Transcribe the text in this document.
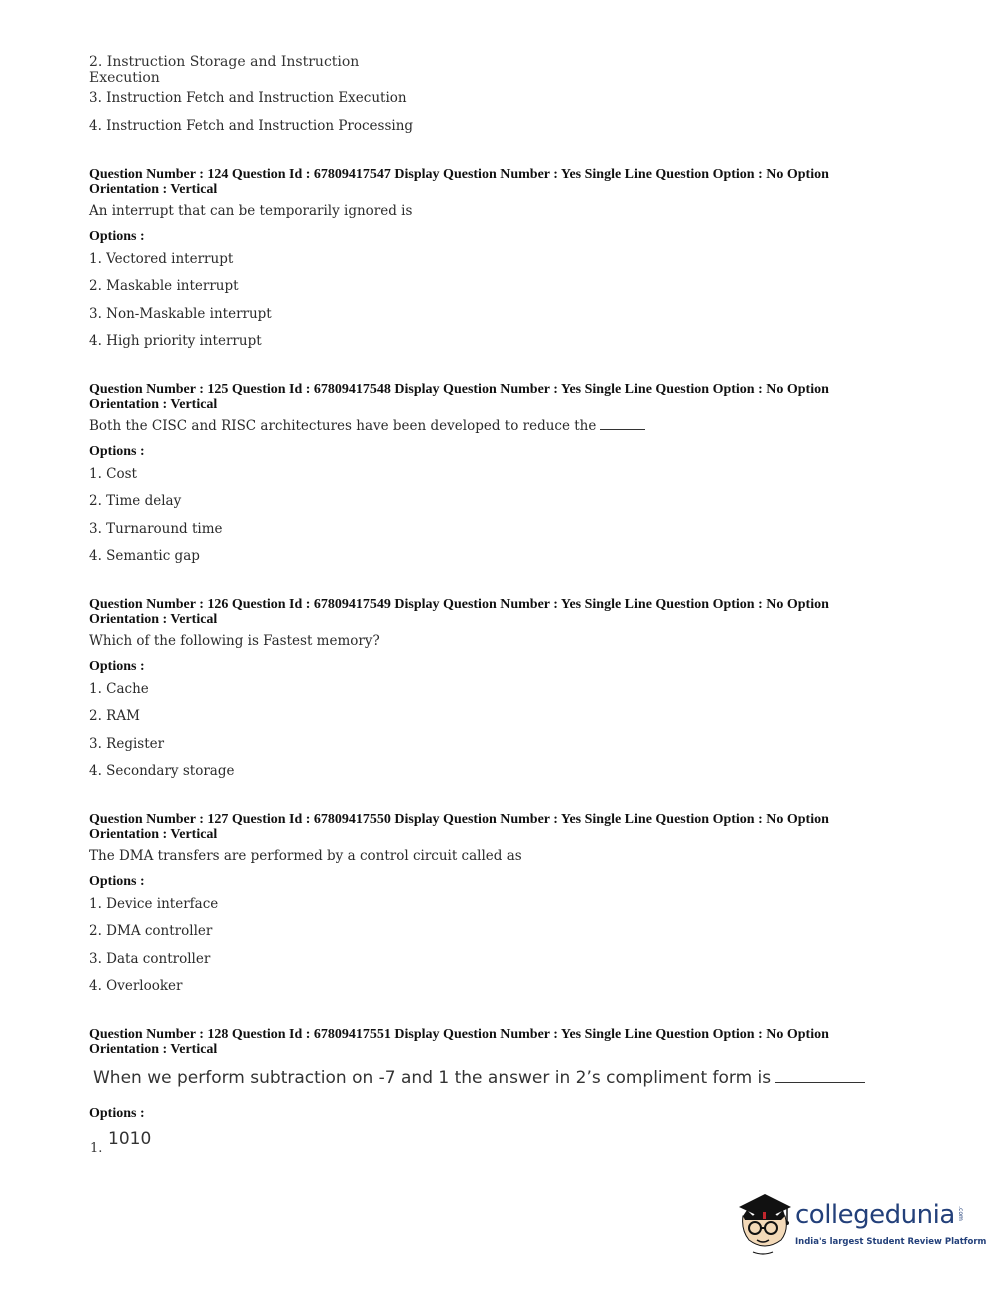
2. Instruction Storage and Instruction Execution
3. Instruction Fetch and Instruction Execution
4. Instruction Fetch and Instruction Processing
Question Number : 124 Question Id : 67809417547 Display Question Number : Yes Single Line Question Option : No Option Orientation : Vertical
An interrupt that can be temporarily ignored is
Options :
1. Vectored interrupt
2. Maskable interrupt
3. Non-Maskable interrupt
4. High priority interrupt
Question Number : 125 Question Id : 67809417548 Display Question Number : Yes Single Line Question Option : No Option Orientation : Vertical
Both the CISC and RISC architectures have been developed to reduce the
Options :
1. Cost
2. Time delay
3. Turnaround time
4. Semantic gap
Question Number : 126 Question Id : 67809417549 Display Question Number : Yes Single Line Question Option : No Option Orientation : Vertical
Which of the following is Fastest memory?
Options :
1. Cache
2. RAM
3. Register
4. Secondary storage
Question Number : 127 Question Id : 67809417550 Display Question Number : Yes Single Line Question Option : No Option Orientation : Vertical
The DMA transfers are performed by a control circuit called as
Options :
1. Device interface
2. DMA controller
3. Data controller
4. Overlooker
Question Number : 128 Question Id : 67809417551 Display Question Number : Yes Single Line Question Option : No Option Orientation : Vertical
When we perform subtraction on -7 and 1 the answer in 2’s compliment form is
Options :
1. 1010
collegedunia .com
India's largest Student Review Platform
